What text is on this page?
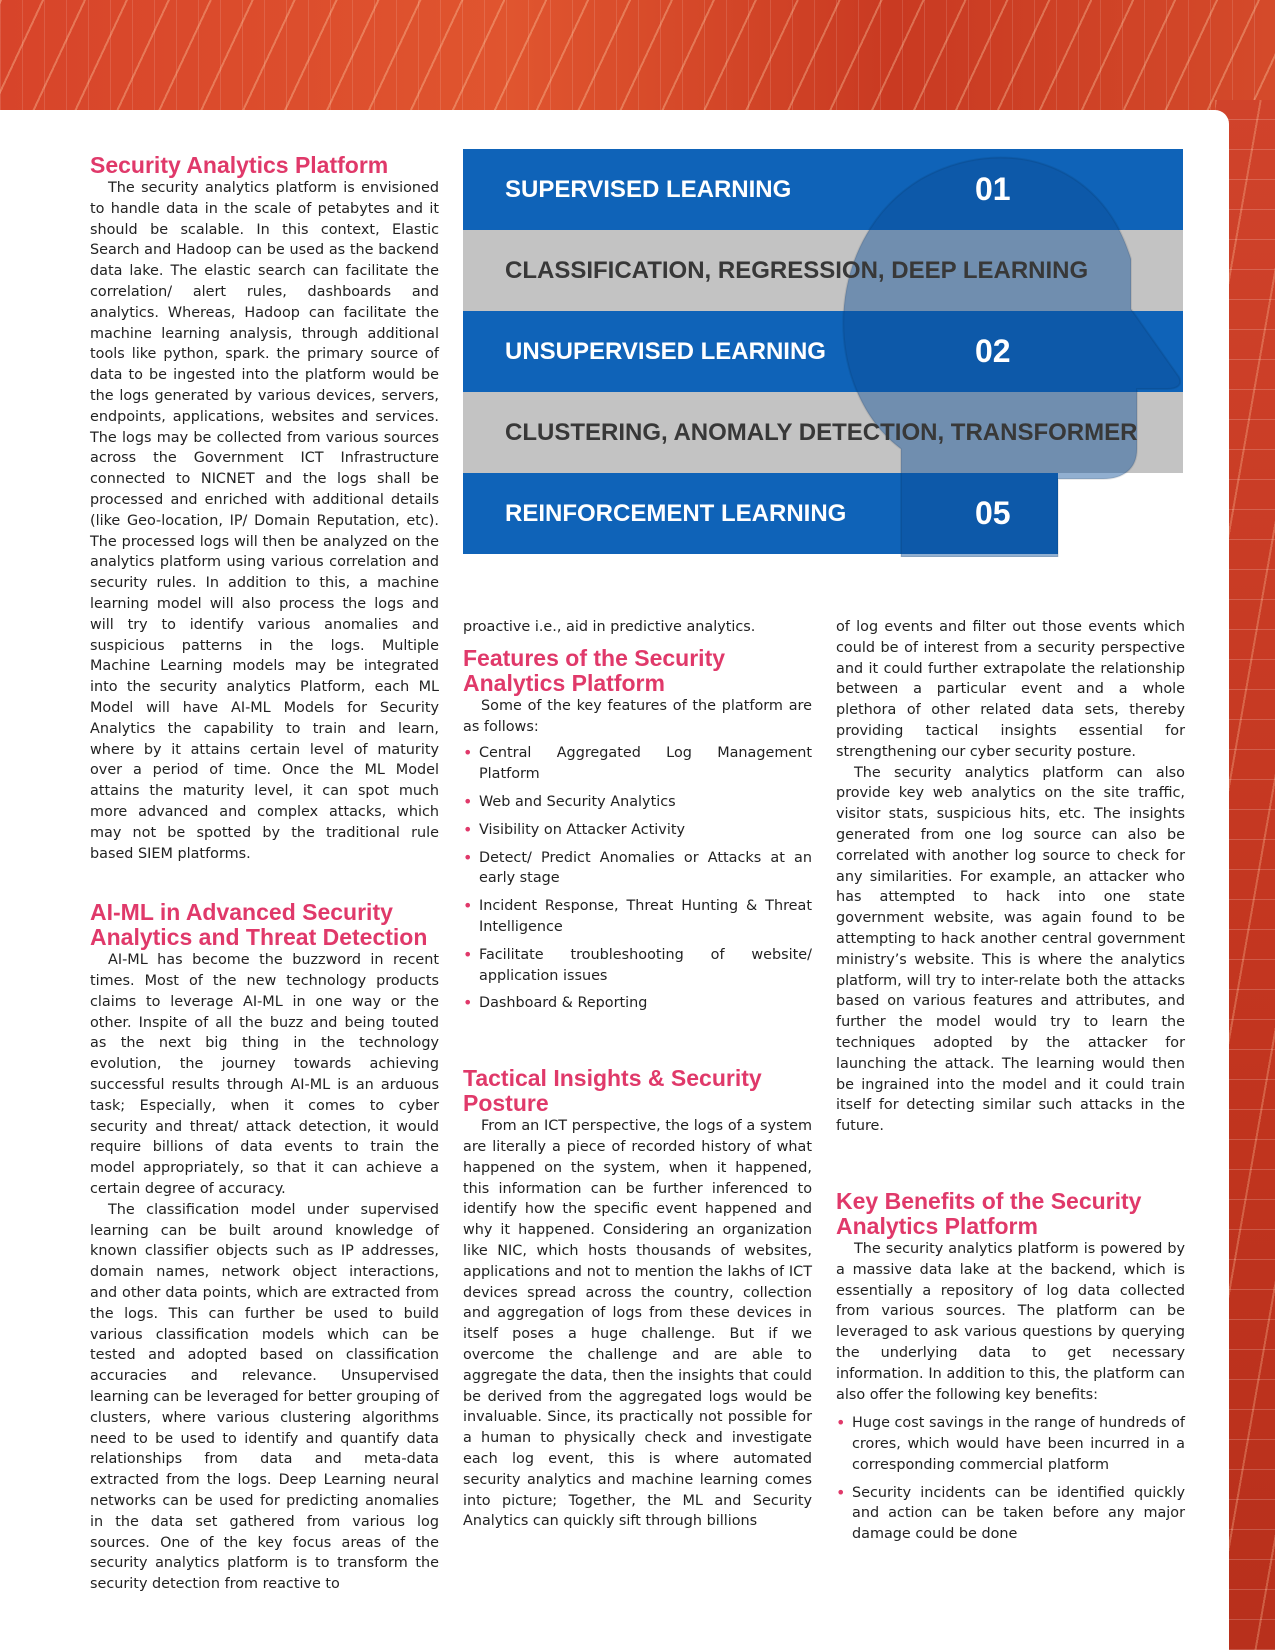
SUPERVISED LEARNING	01
CLASSIFICATION, REGRESSION, DEEP LEARNING
UNSUPERVISED LEARNING	02
CLUSTERING, ANOMALY DETECTION, TRANSFORMER
REINFORCEMENT LEARNING	05
Security Analytics Platform

The security analytics platform is envisioned to handle data in the scale of petabytes and it should be scalable. In this context, Elastic Search and Hadoop can be used as the backend data lake. The elastic search can facilitate the correlation/ alert rules, dashboards and analytics. Whereas, Hadoop can facilitate the machine learning analysis, through additional tools like python, spark. the primary source of data to be ingested into the platform would be the logs generated by various devices, servers, endpoints, applications, websites and services. The logs may be collected from various sources across the Government ICT Infrastructure connected to NICNET and the logs shall be processed and enriched with additional details (like Geo-location, IP/ Domain Reputation, etc). The processed logs will then be analyzed on the analytics platform using various correlation and security rules. In addition to this, a machine learning model will also process the logs and will try to identify various anomalies and suspicious patterns in the logs. Multiple Machine Learning models may be integrated into the security analytics Platform, each ML Model will have AI-ML Models for Security Analytics the capability to train and learn, where by it attains certain level of maturity over a period of time. Once the ML Model attains the maturity level, it can spot much more advanced and complex attacks, which may not be spotted by the traditional rule based SIEM platforms.

AI-ML in Advanced Security Analytics and Threat Detection

AI-ML has become the buzzword in recent times. Most of the new technology products claims to leverage AI-ML in one way or the other. Inspite of all the buzz and being touted as the next big thing in the technology evolution, the journey towards achieving successful results through AI-ML is an arduous task; Especially, when it comes to cyber security and threat/ attack detection, it would require billions of data events to train the model appropriately, so that it can achieve a certain degree of accuracy.

The classification model under supervised learning can be built around knowledge of known classifier objects such as IP addresses, domain names, network object interactions, and other data points, which are extracted from the logs. This can further be used to build various classification models which can be tested and adopted based on classification accuracies and relevance. Unsupervised learning can be leveraged for better grouping of clusters, where various clustering algorithms need to be used to identify and quantify data relationships from data and meta-data extracted from the logs. Deep Learning neural networks can be used for predicting anomalies in the data set gathered from various log sources. One of the key focus areas of the security analytics platform is to transform the security detection from reactive to

proactive i.e., aid in predictive analytics.

Features of the Security Analytics Platform

Some of the key features of the platform are as follows:

• Central Aggregated Log Management Platform
• Web and Security Analytics
• Visibility on Attacker Activity
• Detect/ Predict Anomalies or Attacks at an early stage
• Incident Response, Threat Hunting & Threat Intelligence
• Facilitate troubleshooting of website/ application issues
• Dashboard & Reporting
Tactical Insights & Security Posture

From an ICT perspective, the logs of a system are literally a piece of recorded history of what happened on the system, when it happened, this information can be further inferenced to identify how the specific event happened and why it happened. Considering an organization like NIC, which hosts thousands of websites, applications and not to mention the lakhs of ICT devices spread across the country, collection and aggregation of logs from these devices in itself poses a huge challenge. But if we overcome the challenge and are able to aggregate the data, then the insights that could be derived from the aggregated logs would be invaluable. Since, its practically not possible for a human to physically check and investigate each log event, this is where automated security analytics and machine learning comes into picture; Together, the ML and Security Analytics can quickly sift through billions

of log events and filter out those events which could be of interest from a security perspective and it could further extrapolate the relationship between a particular event and a whole plethora of other related data sets, thereby providing tactical insights essential for strengthening our cyber security posture.

The security analytics platform can also provide key web analytics on the site traffic, visitor stats, suspicious hits, etc. The insights generated from one log source can also be correlated with another log source to check for any similarities. For example, an attacker who has attempted to hack into one state government website, was again found to be attempting to hack another central government ministry’s website. This is where the analytics platform, will try to inter-relate both the attacks based on various features and attributes, and further the model would try to learn the techniques adopted by the attacker for launching the attack. The learning would then be ingrained into the model and it could train itself for detecting similar such attacks in the future.

Key Benefits of the Security Analytics Platform

The security analytics platform is powered by a massive data lake at the backend, which is essentially a repository of log data collected from various sources. The platform can be leveraged to ask various questions by querying the underlying data to get necessary information. In addition to this, the platform can also offer the following key benefits:

• Huge cost savings in the range of hundreds of crores, which would have been incurred in a corresponding commercial platform
• Security incidents can be identified quickly and action can be taken before any major damage could be done
